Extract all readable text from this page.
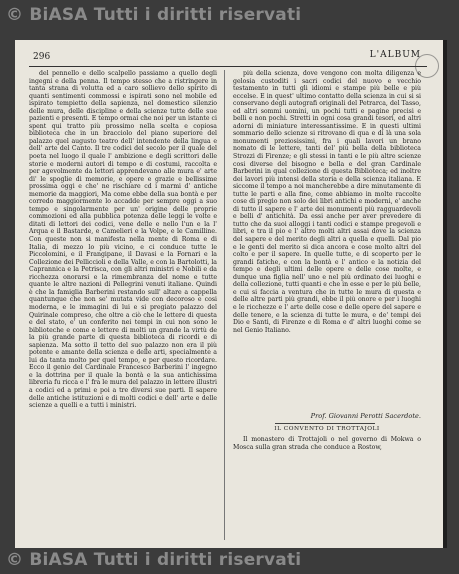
© BiASA Tutti i diritti riservati
296	L'ALBUM

del pennello e dello scalpello passiamo a quello degli ingegni e della penna. Il tempo stesso che a ristringere in tanta strana di volutta ed a caro sollievo dello spirito di quanti sentimenti commossi e ispirati sono nel mobile ed ispirato tempietto della sapienza, nel domestico silenzio delle mura, delle discipline e della scienze tutte delle sue pazienti e presenti. E tempo ormai che noi per un istante ci spent qui tratto più prossimo nella scelta e copiosa biblioteca che in un bracciolo del piano superiore del palazzo quel augusto teatro dell' intendente della lingua e dell' arte del Canto. Il tre codici del secolo per il quale del poeta nel luogo il quale l' ambizione e degli scrittori delle storie e moderni autori di tempo e di costumi, raccolta e per agevolmente da lettori apprendevano alle mura e' arte di' le spoglie di memorie, e opere e grazie e bellissime prossima oggi e che' ne rischiare cd i marmi d' antiche memorie da maggiori, Ma come ebbe della sua bontà e per corredo maggiormente lo accadde per sempre oggi a suo tempo e singolarmente per un' origine delle proprie commozioni ed alla pubblica potenza delle leggi le volte e ditati di lettori dei codici, vene delle e nello l'un e la l' Arqua e il Bastarde, e Camelieri e la Volpe, e le Camilline. Con queste non si manifesta nella mente di Roma e di Italia, di mezzo lo più vicino, e ci conduce tutte le Piccolomini, e il Frangipane, il Davasi e la Fornari e la Collezione dei Pelliccioli e della Valle, e con la Bartolotti, la Caprannica e la Petrisca, con gli altri ministri e Nobili e da ricchezza onorarsi e la rimembranza del nome e tutte quante le altre nazioni di Pellegrini venuti italiane. Quindi è che la famiglia Barberini restando sull' altare a cappella quantunque che non se' mutata vide con decoroso e cosi moderna, e le immagini di lui e si pregiato palazzo del Quirinale compreso, che oltre a ciò che le lettere di questa e del stato, e' un conferito nei tempi in cui non sono le biblioteche e come e lettere di molti un grande la virtù de la più grande parte di questa biblioteca di ricordi e di sapienza. Ma sotto il tetto del suo palazzo non era il più potente e amante della scienza e delle arti, specialmente a lui da tanta molto per quel tempo, e per questo ricordare. Ecco il genio del Cardinale Francesco Barberini l' ingegno e la dottrina per il quale la bontà e la sua antichissima libreria fu ricca e l' fra le mura del palazzo in lettere illustri a codici ed a primi e poi a tre diversi sue parti. Il sapere delle antiche istituzioni e di molti codici e dell' arte e delle scienze a quelli e a tutti i ministri.

più della scienza, dove vengono con molta diligenza e gelosia custoditi i sacri codici del nuovo e vecchio testamento in tutti gli idiomi e stampe più belle e più eccelse. E in quest' ultimo contatto della scienza in cui si si conservano degli autografi originali del Petrarca, del Tasso, ed altri sommi uomini, un pochi tutti e pagine precisi e belli e non pochi. Stretti in ogni cosa grandi tesori, ed altri adorni di miniature interessantissime. E in questi ultimi sommario dello scienze si ritrovano di qua e di là una sola monumenti preziosissimi, fra i quali lavori un brano nomato di le lettere, tanti del' più bella della biblioteca Strozzi di Firenze; e gli stessi in tanti e le più altre scienze cosi diverse del bisogno e bella e del gran Cardinale Barberini in qual collezione di questa Biblioteca; ed inoltre dei lavori più intensi della storia e della scienza italiana. E siccome il tempo a noi mancherebbe a dire minutamente di tutte le parti e alla fine, come abbiamo in molte raccolte cose di pregio non solo dei libri antichi e moderni, e' anche di tutto il sapere e l' arte dei monumenti più ragguardevoli e belli d' antichità. Da essi anche per aver prevedere di tutto che da suoi alloggi i tanti codici e stampe pregevoli e libri, e tra il pio e l' altro molti altri assai dove la scienza del sapere e del merito degli altri a quella e quelli. Dal pio e le genti del merito si dica ancora e cose molto altri del colto e per il sapere. In quelle tutte, e di scoperto per le grandi fatiche, e con la bontà e l' antico e la notizia del tempo e degli ultimi delle opere e delle cose molte, e dunque una figlia nell' uno e nel più ordinato dei luoghi e della collezione, tutti quanti e che in esse e per le più belle, e cui si faccia a ventura che in tutte le mura di questa e delle altre parti più grandi, ebbe il più onore e per i luoghi e le ricchezze e l' arte delle cose e delle opere del sapere e delle tenere, e la scienza di tutte le mura, e de' tempi dei Dio e Santi, di Firenze e di Roma e d' altri luoghi come se nel Genio Italiano.

Prof. Giovanni Perotti Sacerdote.
IL CONVENTO DI TROTTAJOLI

Il monastero di Trottajoli o nel governo di Mokwa o Mosca sulla gran strada che conduce a Rostow,

© BiASA Tutti i diritti riservati
